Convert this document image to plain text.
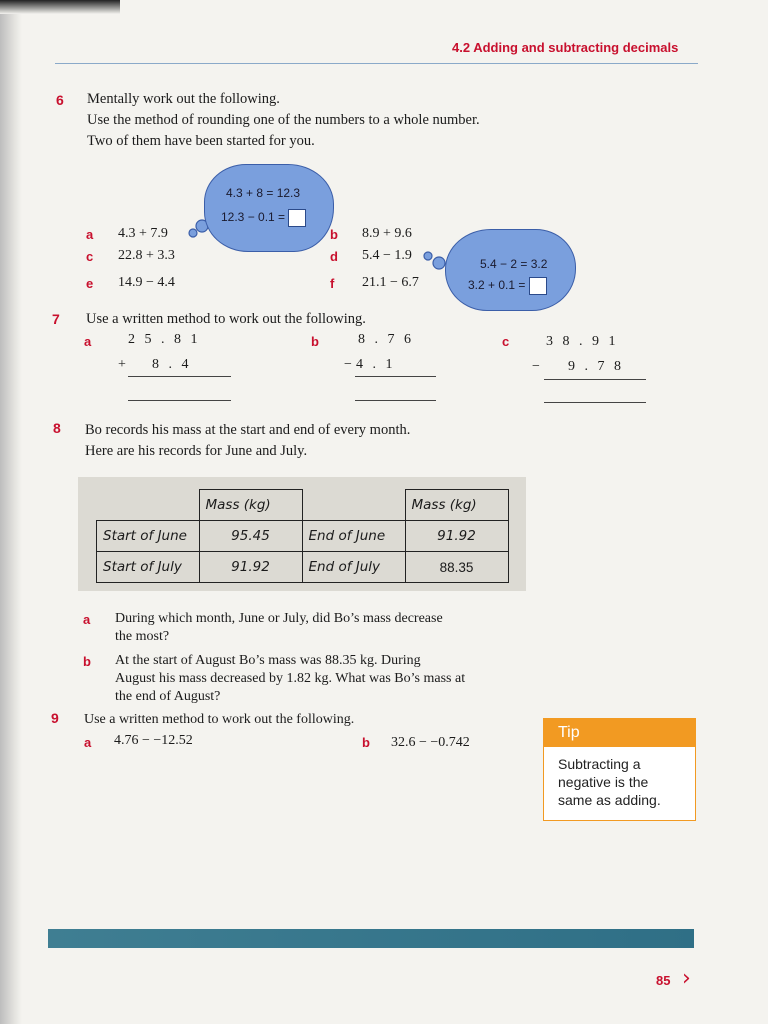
4.2 Adding and subtracting decimals
6 Mentally work out the following.
Use the method of rounding one of the numbers to a whole number.
Two of them have been started for you.
4.3 + 8 = 12.3
12.3 − 0.1 =
5.4 − 2 = 3.2
3.2 + 0.1 =
a 4.3 + 7.9	b 8.9 + 9.6
c 22.8 + 3.3	d 5.4 − 1.9
e 14.9 − 4.4	f 21.1 − 6.7
7 Use a written method to work out the following.
a	2 5 . 8 1
+ 8 . 4
b	8 . 7 6
− 4 . 1
c	3 8 . 9 1
− 9 . 7 8
8 Bo records his mass at the start and end of every month.
Here are his records for June and July.
	Mass (kg)		Mass (kg)
Start of June	95.45	End of June	91.92
Start of July	91.92	End of July	88.35
a During which month, June or July, did Bo’s mass decrease
the most?
b At the start of August Bo’s mass was 88.35 kg. During
August his mass decreased by 1.82 kg. What was Bo’s mass at
the end of August?
9 Use a written method to work out the following.
a 4.76 − −12.52	b 32.6 − −0.742
Tip
Subtracting a
negative is the
same as adding.
85 ›
